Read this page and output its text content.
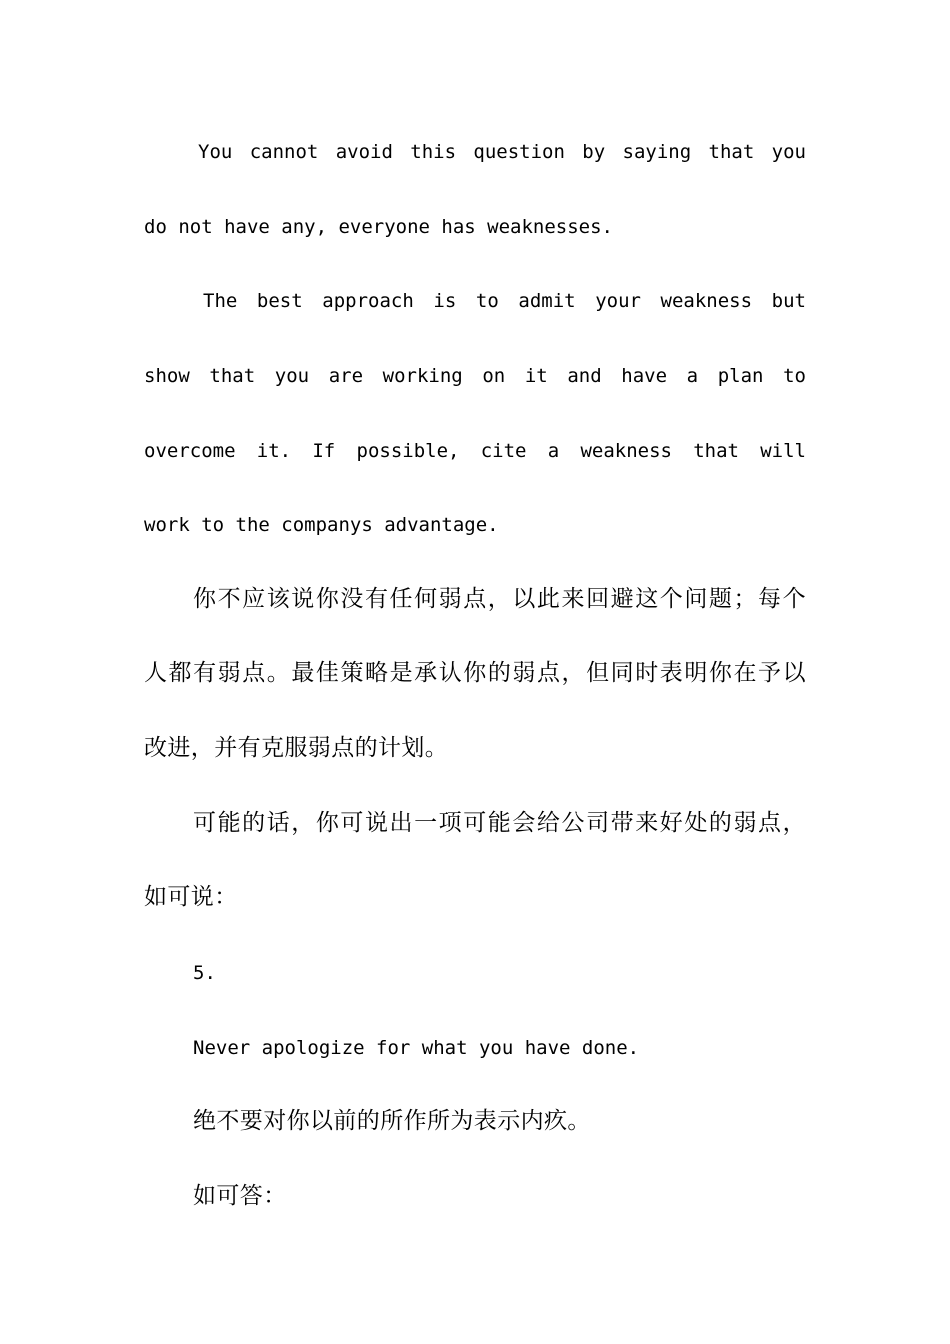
You cannot avoid this question by saying that you
do not have any, everyone has weaknesses.
The best approach is to admit your weakness but
show that you are working on it and have a plan to
overcome it. If possible, cite a weakness that will
work to the companys advantage.
你不应该说你没有任何弱点，以此来回避这个问题；每个
人都有弱点。最佳策略是承认你的弱点，但同时表明你在予以
改进，并有克服弱点的计划。
可能的话，你可说出一项可能会给公司带来好处的弱点，
如可说：
5.
Never apologize for what you have done.
绝不要对你以前的所作所为表示内疚。
如可答：
